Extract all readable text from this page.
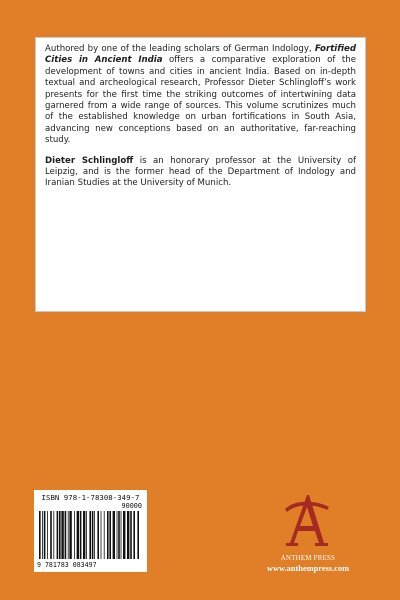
Authored by one of the leading scholars of German Indology, Fortified Cities in Ancient India offers a comparative exploration of the development of towns and cities in ancient India. Based on in-depth textual and archeological research, Professor Dieter Schlingloff’s work presents for the first time the striking outcomes of intertwining data garnered from a wide range of sources. This volume scrutinizes much of the established knowledge on urban fortifications in South Asia, advancing new conceptions based on an authoritative, far-reaching study.

Dieter Schlingloff is an honorary professor at the University of Leipzig, and is the former head of the Department of Indology and Iranian Studies at the University of Munich.

ISBN 978-1-78308-349-7
90000
9 781783 083497
ANTHEM PRESS
www.anthempress.com
